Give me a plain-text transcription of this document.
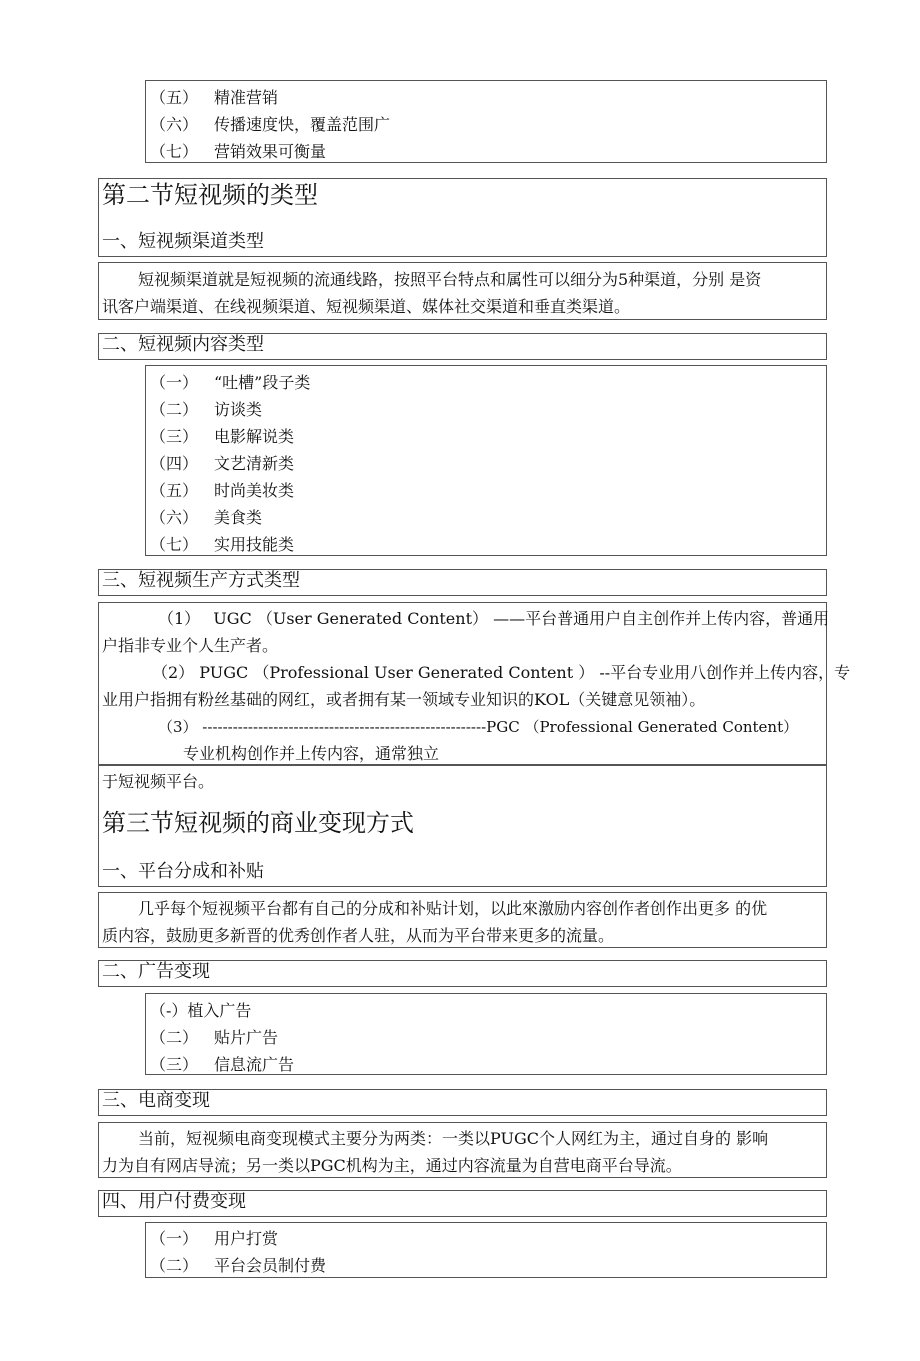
（五） 精准营销
（六） 传播速度快，覆盖范围广
（七） 营销效果可衡量
第二节短视频的类型
一、短视频渠道类型
短视频渠道就是短视频的流通线路，按照平台特点和属性可以细分为5种渠道，分别 是资
讯客户端渠道、在线视频渠道、短视频渠道、媒体社交渠道和垂直类渠道。
二、短视频内容类型
（一） “吐槽”段子类
（二） 访谈类
（三） 电影解说类
（四） 文艺清新类
（五） 时尚美妆类
（六） 美食类
（七） 实用技能类
三、短视频生产方式类型
（1）　 UGC （User Generated Content） ——平台普通用户自主创作并上传内容，普通用
户指非专业个人生产者。
（2） PUGC （Professional User Generated Content ） --平台专业用八创作并上传内容，专
业用户指拥有粉丝基础的网红，或者拥有某一领域专业知识的KOL（关键意见领袖）。
（3） --------------------------------------------------------PGC （Professional Generated Content）
专业机构创作并上传内容，通常独立
于短视频平台。
第三节短视频的商业变现方式
一、平台分成和补贴
几乎每个短视频平台都有自己的分成和补贴计划，以此來激励内容创作者创作出更多 的优
质内容，鼓励更多新晋的优秀创作者人驻，从而为平台带来更多的流量。
二、广告变现
（-）植入广告
（二） 贴片广告
（三） 信息流广告
三、电商变现
当前，短视频电商变现模式主要分为两类：一类以PUGC个人网红为主，通过自身的 影响
力为自有网店导流；另一类以PGC机构为主，通过内容流量为自营电商平台导流。
四、用户付费变现
（一） 用户打赏
（二） 平台会员制付费
